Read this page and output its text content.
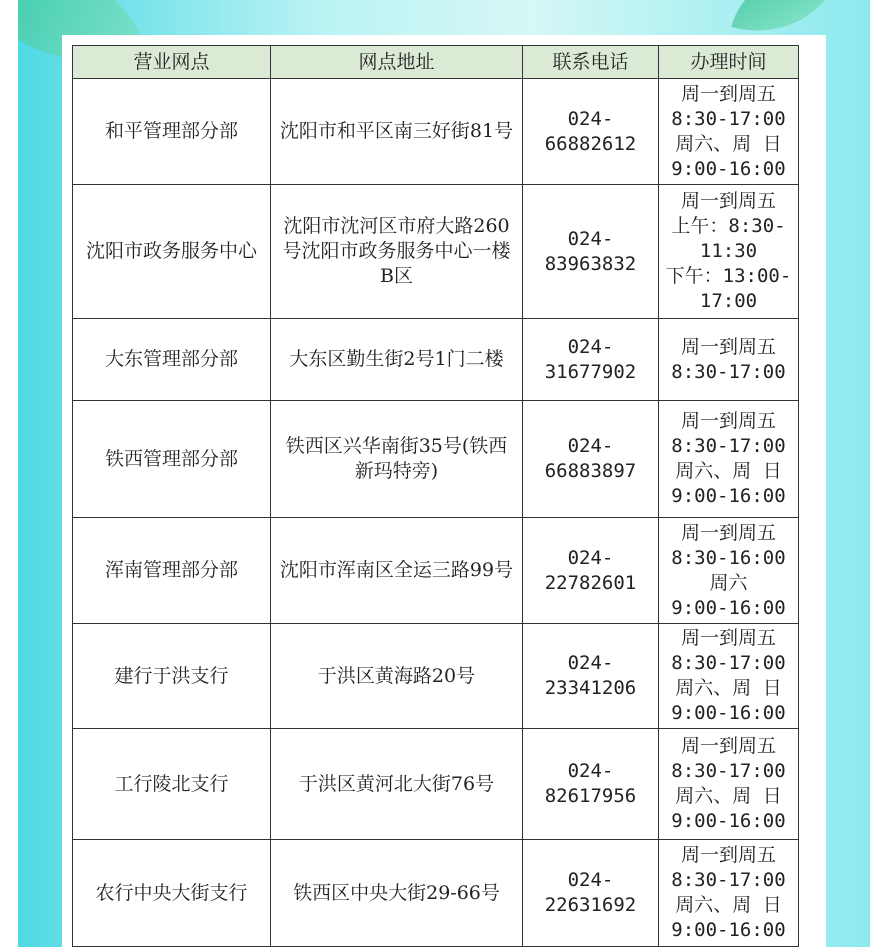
营业网点	网点地址	联系电话	办理时间
和平管理部分部	沈阳市和平区南三好街81号	024-66882612	周一到周五
8:30-17:00
周六、周 日
9:00-16:00

沈阳市政务服务中心	沈阳市沈河区市府大路260
号沈阳市政务服务中心一楼
B区	024-83963832	周一到周五
上午：8:30-
11:30
下午：13:00-
17:00

大东管理部分部	大东区勤生街2号1门二楼	024-31677902	周一到周五
8:30-17:00

铁西管理部分部	铁西区兴华南街35号(铁西
新玛特旁)	024-66883897	周一到周五
8:30-17:00
周六、周 日
9:00-16:00

浑南管理部分部	沈阳市浑南区全运三路99号	024-22782601	周一到周五
8:30-16:00
周六
9:00-16:00

建行于洪支行	于洪区黄海路20号	024-23341206	周一到周五
8:30-17:00
周六、周 日
9:00-16:00

工行陵北支行	于洪区黄河北大街76号	024-82617956	周一到周五
8:30-17:00
周六、周 日
9:00-16:00

农行中央大街支行	铁西区中央大街29-66号	024-22631692	周一到周五
8:30-17:00
周六、周 日
9:00-16:00
